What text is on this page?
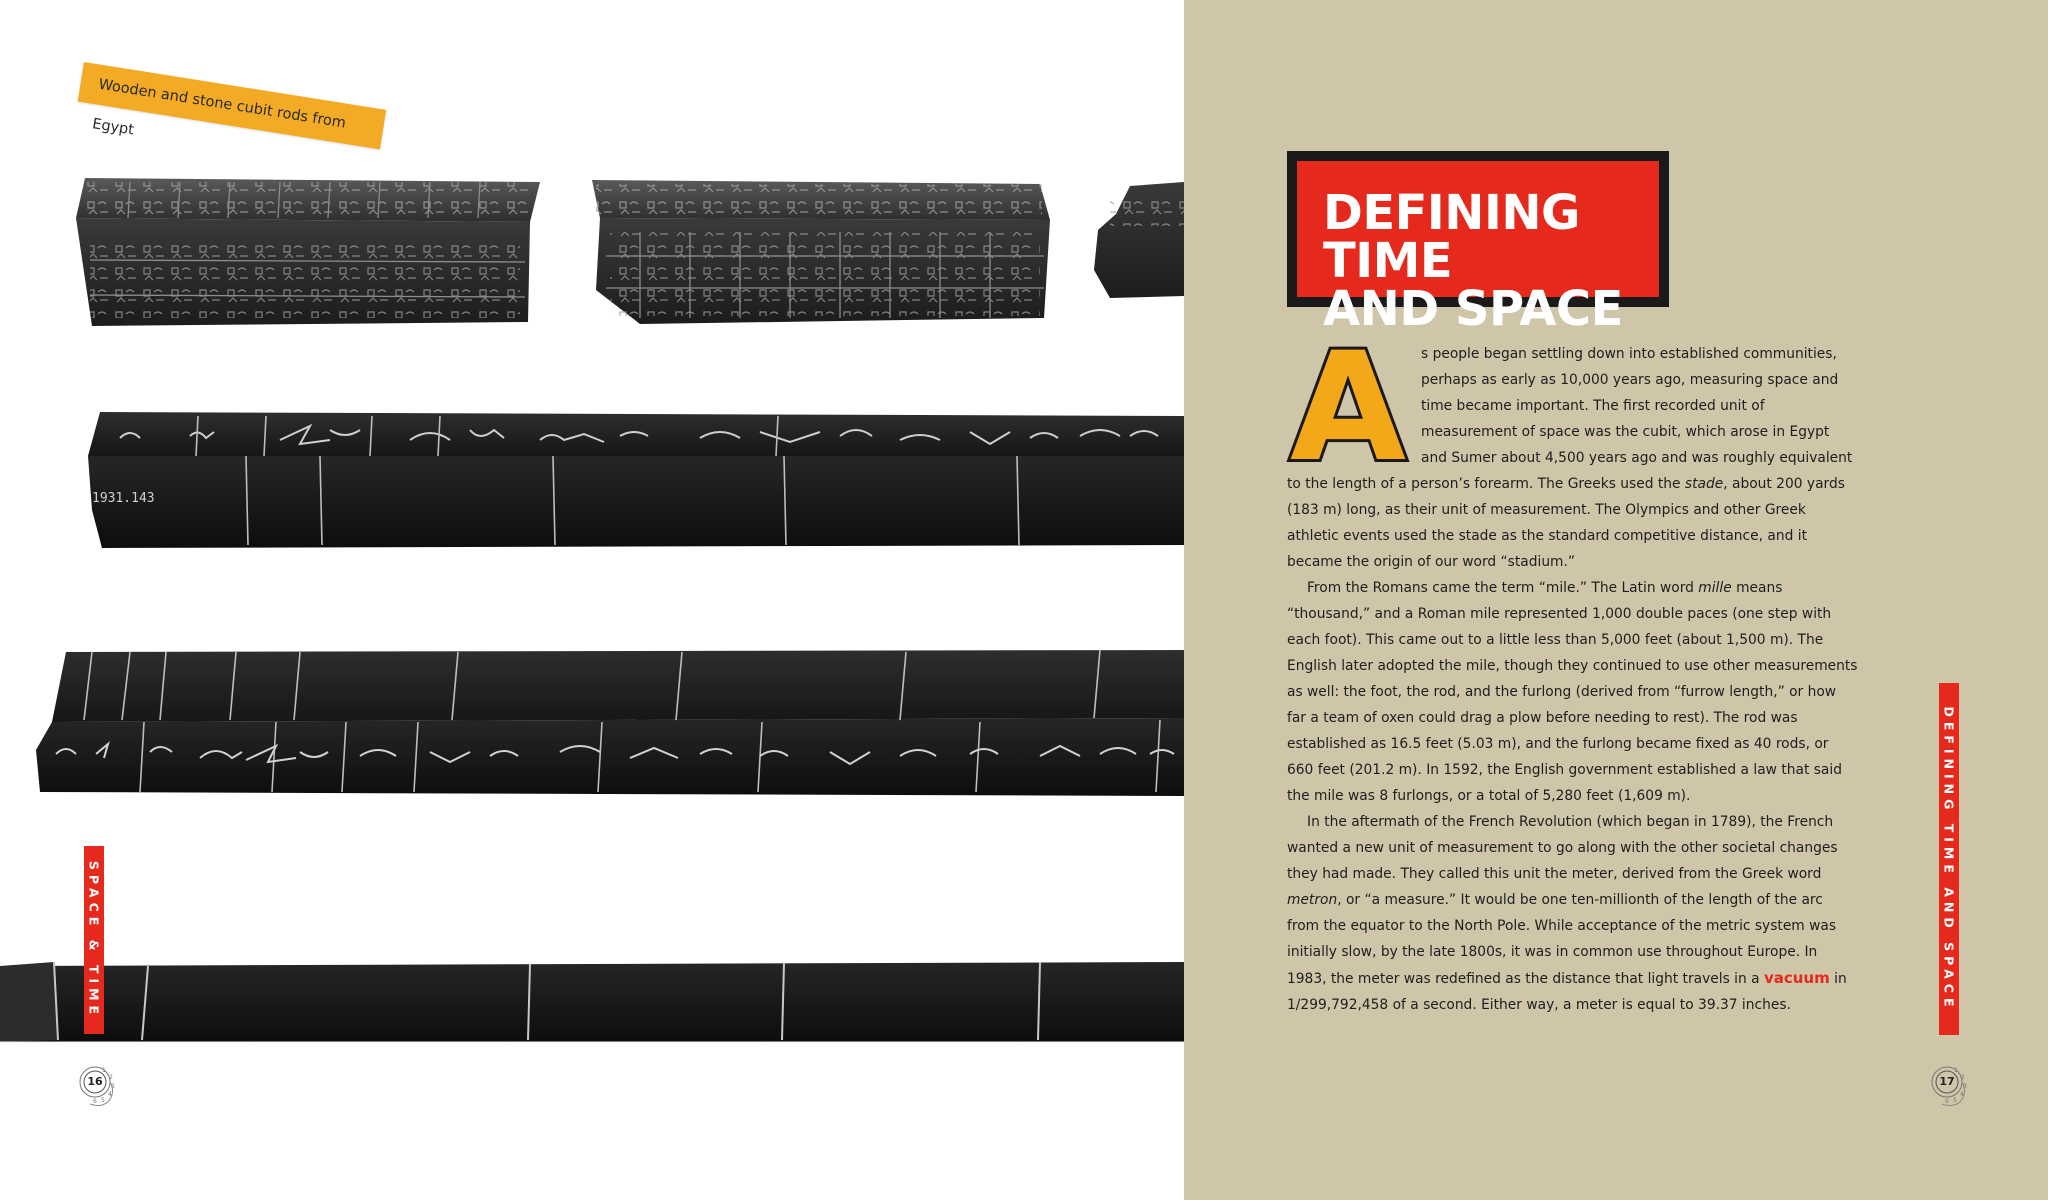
1931.143
Wooden and stone cubit rods from Egypt
SPACE & TIME
1
2
3
4
5
6
16
DEFINING TIME
AND SPACE
A	s people began settling down into established communities, perhaps as early as 10,000 years ago, measuring space and time became important. The first recorded unit of measurement of space was the cubit, which arose in Egypt and Sumer about 4,500 years ago and was roughly equivalent to the length of a person’s forearm. The Greeks used the stade, about 200 yards (183 m) long, as their unit of measurement. The Olympics and other Greek athletic events used the stade as the standard competitive distance, and it became the origin of our word “stadium.”

From the Romans came the term “mile.” The Latin word mille means “thousand,” and a Roman mile represented 1,000 double paces (one step with each foot). This came out to a little less than 5,000 feet (about 1,500 m). The English later adopted the mile, though they continued to use other measurements as well: the foot, the rod, and the furlong (derived from “furrow length,” or how far a team of oxen could drag a plow before needing to rest). The rod was established as 16.5 feet (5.03 m), and the furlong became fixed as 40 rods, or 660 feet (201.2 m). In 1592, the English government established a law that said the mile was 8 furlongs, or a total of 5,280 feet (1,609 m).

In the aftermath of the French Revolution (which began in 1789), the French wanted a new unit of measurement to go along with the other societal changes they had made. They called this unit the meter, derived from the Greek word metron, or “a measure.” It would be one ten-millionth of the length of the arc from the equator to the North Pole. While acceptance of the metric system was initially slow, by the late 1800s, it was in common use throughout Europe. In 1983, the meter was redefined as the distance that light travels in a vacuum in 1/299,792,458 of a second. Either way, a meter is equal to 39.37 inches.	DEFINING TIME AND SPACE
1
2
3
4
5
6
17
